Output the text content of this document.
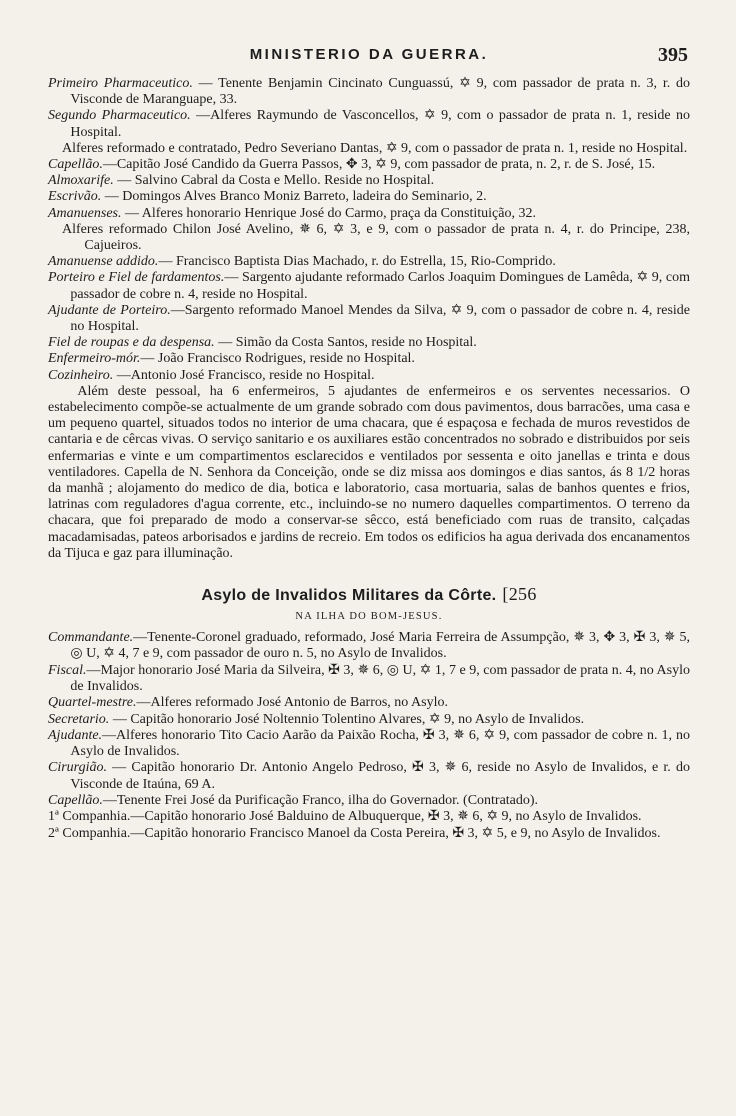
MINISTERIO DA GUERRA.	395

Primeiro Pharmaceutico. — Tenente Benjamin Cincinato Cunguassú, ✡ 9, com passador de prata n. 3, r. do Visconde de Maranguape, 33.

Segundo Pharmaceutico. —Alferes Raymundo de Vasconcellos, ✡ 9, com o passador de prata n. 1, reside no Hospital.

Alferes reformado e contratado, Pedro Severiano Dantas, ✡ 9, com o passador de prata n. 1, reside no Hospital.

Capellão.—Capitão José Candido da Guerra Passos, ✥ 3, ✡ 9, com passador de prata, n. 2, r. de S. José, 15.

Almoxarife. — Salvino Cabral da Costa e Mello. Reside no Hospital.

Escrivão. — Domingos Alves Branco Moniz Barreto, ladeira do Seminario, 2.

Amanuenses. — Alferes honorario Henrique José do Carmo, praça da Constituição, 32.

Alferes reformado Chilon José Avelino, ✵ 6, ✡ 3, e 9, com o passador de prata n. 4, r. do Principe, 238, Cajueiros.

Amanuense addido.— Francisco Baptista Dias Machado, r. do Estrella, 15, Rio-Comprido.

Porteiro e Fiel de fardamentos.— Sargento ajudante reformado Carlos Joaquim Domingues de Lamêda, ✡ 9, com passador de cobre n. 4, reside no Hospital.

Ajudante de Porteiro.—Sargento reformado Manoel Mendes da Silva, ✡ 9, com o passador de cobre n. 4, reside no Hospital.

Fiel de roupas e da despensa. — Simão da Costa Santos, reside no Hospital.

Enfermeiro-mór.— João Francisco Rodrigues, reside no Hospital.

Cozinheiro. —Antonio José Francisco, reside no Hospital.

Além deste pessoal, ha 6 enfermeiros, 5 ajudantes de enfermeiros e os serventes necessarios. O estabelecimento compõe-se actualmente de um grande sobrado com dous pavimentos, dous barracões, uma casa e um pequeno quartel, situados todos no interior de uma chacara, que é espaçosa e fechada de muros revestidos de cantaria e de cêrcas vivas. O serviço sanitario e os auxiliares estão concentrados no sobrado e distribuidos por seis enfermarias e vinte e um compartimentos esclarecidos e ventilados por sessenta e oito janellas e trinta e dous ventiladores. Capella de N. Senhora da Conceição, onde se diz missa aos domingos e dias santos, ás 8 1/2 horas da manhã ; alojamento do medico de dia, botica e laboratorio, casa mortuaria, salas de banhos quentes e frios, latrinas com reguladores d'agua corrente, etc., incluindo-se no numero daquelles compartimentos. O terreno da chacara, que foi preparado de modo a conservar-se sêcco, está beneficiado com ruas de transito, calçadas macadamisadas, pateos arborisados e jardins de recreio. Em todos os edificios ha agua derivada dos encanamentos da Tijuca e gaz para illuminação.

Asylo de Invalidos Militares da Côrte. [256
NA ILHA DO BOM-JESUS.

Commandante.—Tenente-Coronel graduado, reformado, José Maria Ferreira de Assumpção, ✵ 3, ✥ 3, ✠ 3, ✵ 5, ◎ U, ✡ 4, 7 e 9, com passador de ouro n. 5, no Asylo de Invalidos.

Fiscal.—Major honorario José Maria da Silveira, ✠ 3, ✵ 6, ◎ U, ✡ 1, 7 e 9, com passador de prata n. 4, no Asylo de Invalidos.

Quartel-mestre.—Alferes reformado José Antonio de Barros, no Asylo.

Secretario. — Capitão honorario José Noltennio Tolentino Alvares, ✡ 9, no Asylo de Invalidos.

Ajudante.—Alferes honorario Tito Cacio Aarão da Paixão Rocha, ✠ 3, ✵ 6, ✡ 9, com passador de cobre n. 1, no Asylo de Invalidos.

Cirurgião. — Capitão honorario Dr. Antonio Angelo Pedroso, ✠ 3, ✵ 6, reside no Asylo de Invalidos, e r. do Visconde de Itaúna, 69 A.

Capellão.—Tenente Frei José da Purificação Franco, ilha do Governador. (Contratado).

1ª Companhia.—Capitão honorario José Balduino de Albuquerque, ✠ 3, ✵ 6, ✡ 9, no Asylo de Invalidos.

2ª Companhia.—Capitão honorario Francisco Manoel da Costa Pereira, ✠ 3, ✡ 5, e 9, no Asylo de Invalidos.
